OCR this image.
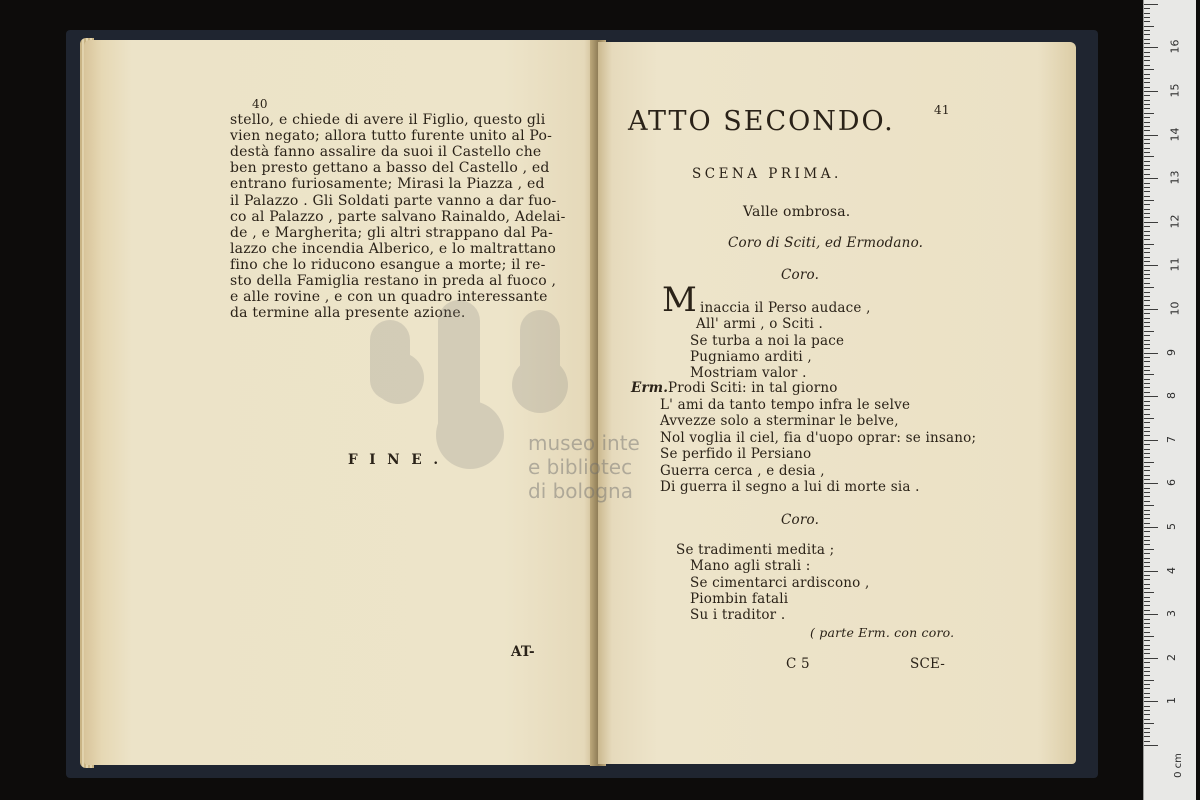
40
stello, e chiede di avere il Figlio, questo gli
vien negato; allora tutto furente unito al Po-
destà fanno assalire da suoi il Castello che
ben presto gettano a basso del Castello , ed
entrano furiosamente; Mirasi la Piazza , ed
il Palazzo . Gli Soldati parte vanno a dar fuo-
co al Palazzo , parte salvano Rainaldo, Adelai-
de , e Margherita; gli altri strappano dal Pa-
lazzo che incendia Alberico, e lo maltrattano
fino che lo riducono esangue a morte; il re-
sto della Famiglia restano in preda al fuoco ,
e alle rovine , e con un quadro interessante
da termine alla presente azione.
F I N E .
AT-
41
ATTO SECONDO.
SCENA PRIMA.
Valle ombrosa.
Coro di Sciti, ed Ermodano.
Coro.
M inaccia il Perso audace ,
All' armi , o Sciti .
Se turba a noi la pace
Pugniamo arditi ,
Mostriam valor .
Erm. Prodi Sciti: in tal giorno
L' ami da tanto tempo infra le selve
Avvezze solo a sterminar le belve,
Nol voglia il ciel, fia d'uopo oprar: se insano;
Se perfido il Persiano
Guerra cerca , e desia ,
Di guerra il segno a lui di morte sia .
Coro.
Se tradimenti medita ;
Mano agli strali :
Se cimentarci ardiscono ,
Piombin fatali
Su i traditor .
( parte Erm. con coro.
C 5	SCE-
museo inte
e bibliotec
di bologna
0 cm
1
2
3
4
5
6
7
8
9
10
11
12
13
14
15
16
